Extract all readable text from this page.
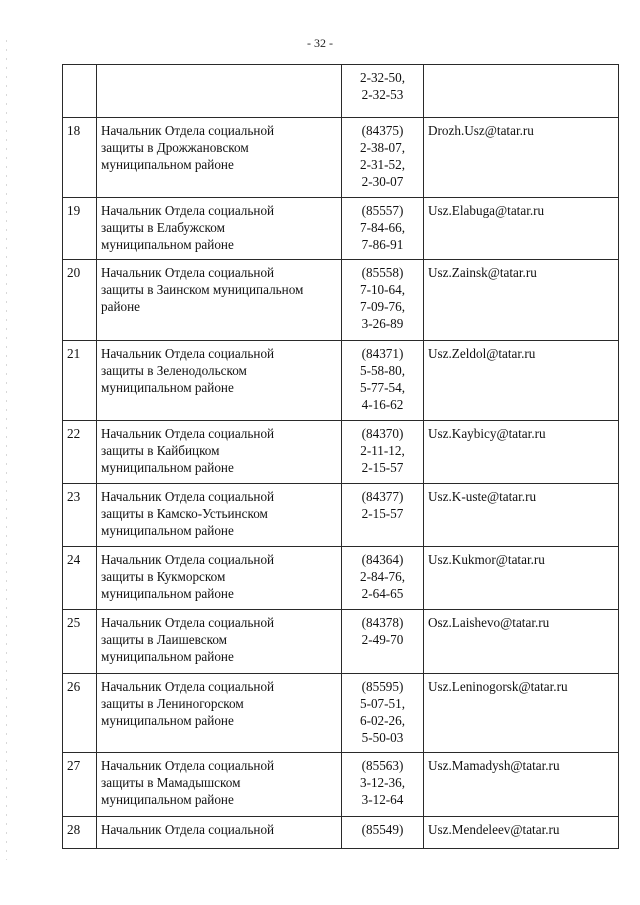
- 32 -
		2-32-50,
2-32-53	
18	Начальник Отдела социальной
защиты в Дрожжановском
муниципальном районе	(84375)
2-38-07,
2-31-52,
2-30-07	Drozh.Usz@tatar.ru
19	Начальник Отдела социальной
защиты в Елабужском
муниципальном районе	(85557)
7-84-66,
7-86-91	Usz.Elabuga@tatar.ru
20	Начальник Отдела социальной
защиты в Заинском муниципальном
районе	(85558)
7-10-64,
7-09-76,
3-26-89	Usz.Zainsk@tatar.ru
21	Начальник Отдела социальной
защиты в Зеленодольском
муниципальном районе	(84371)
5-58-80,
5-77-54,
4-16-62	Usz.Zeldol@tatar.ru
22	Начальник Отдела социальной
защиты в Кайбицком
муниципальном районе	(84370)
2-11-12,
2-15-57	Usz.Kaybicy@tatar.ru
23	Начальник Отдела социальной
защиты в Камско-Устьинском
муниципальном районе	(84377)
2-15-57	Usz.K-uste@tatar.ru
24	Начальник Отдела социальной
защиты в Кукморском
муниципальном районе	(84364)
2-84-76,
2-64-65	Usz.Kukmor@tatar.ru
25	Начальник Отдела социальной
защиты в Лаишевском
муниципальном районе	(84378)
2-49-70	Osz.Laishevo@tatar.ru
26	Начальник Отдела социальной
защиты в Лениногорском
муниципальном районе	(85595)
5-07-51,
6-02-26,
5-50-03	Usz.Leninogorsk@tatar.ru
27	Начальник Отдела социальной
защиты в Мамадышском
муниципальном районе	(85563)
3-12-36,
3-12-64	Usz.Mamadysh@tatar.ru
28	Начальник Отдела социальной	(85549)	Usz.Mendeleev@tatar.ru
